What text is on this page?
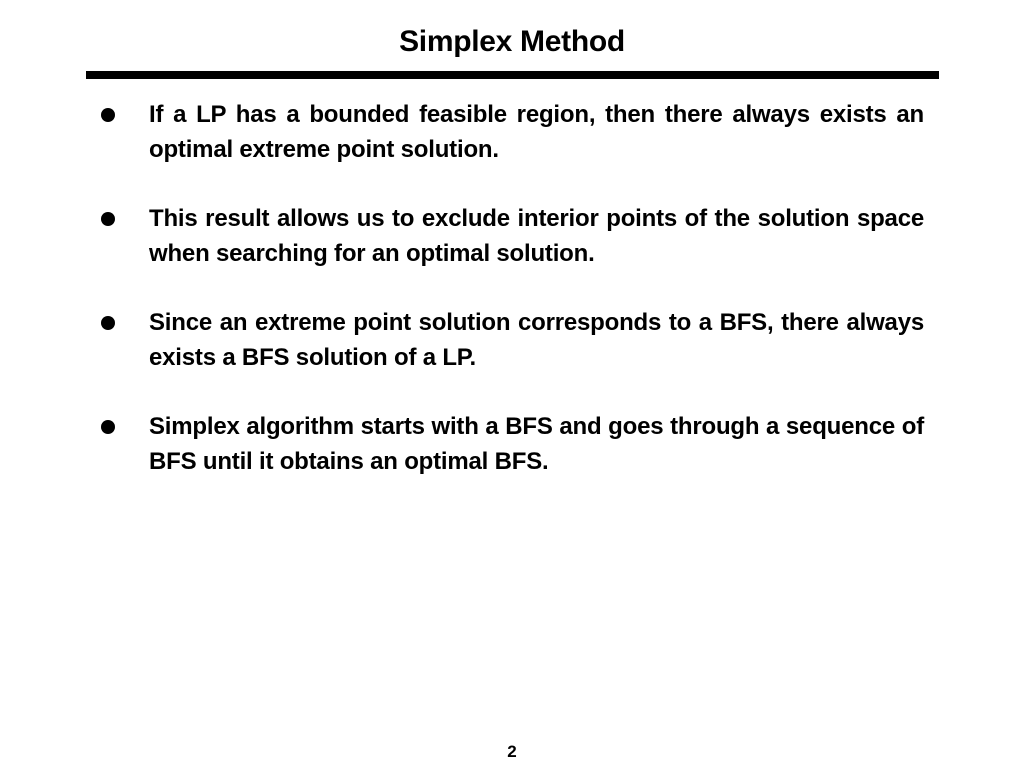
Simplex Method
If a LP has a bounded feasible region, then there always exists an optimal extreme point solution.
This result allows us to exclude interior points of the solution space when searching for an optimal solution.
Since an extreme point solution corresponds to a BFS, there always exists a BFS solution of a LP.
Simplex algorithm starts with a BFS and goes through a sequence of BFS until it obtains an optimal BFS.
2
